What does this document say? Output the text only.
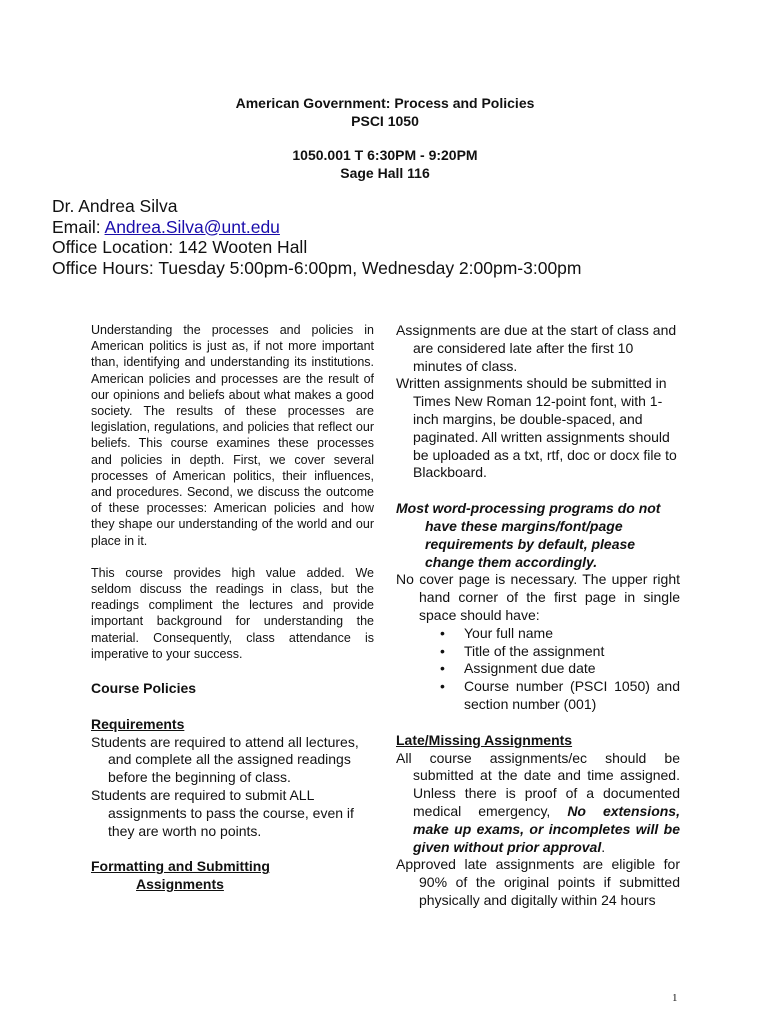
American Government: Process and Policies
PSCI 1050
1050.001 T 6:30PM - 9:20PM
Sage Hall 116
Dr. Andrea Silva
Email: Andrea.Silva@unt.edu
Office Location: 142 Wooten Hall
Office Hours: Tuesday 5:00pm-6:00pm, Wednesday 2:00pm-3:00pm

Understanding the processes and policies in American politics is just as, if not more important than, identifying and understanding its institutions. American policies and processes are the result of our opinions and beliefs about what makes a good society. The results of these processes are legislation, regulations, and policies that reflect our beliefs. This course examines these processes and policies in depth. First, we cover several processes of American politics, their influences, and procedures. Second, we discuss the outcome of these processes: American policies and how they shape our understanding of the world and our place in it.

This course provides high value added. We seldom discuss the readings in class, but the readings compliment the lectures and provide important background for understanding the material. Consequently, class attendance is imperative to your success.

Course Policies

Requirements

Students are required to attend all lectures, and complete all the assigned readings before the beginning of class.

Students are required to submit ALL assignments to pass the course, even if they are worth no points.

Formatting and Submitting
Assignments

Assignments are due at the start of class and are considered late after the first 10 minutes of class.

Written assignments should be submitted in Times New Roman 12-point font, with 1-inch margins, be double-spaced, and paginated. All written assignments should be uploaded as a txt, rtf, doc or docx file to Blackboard.

Most word-processing programs do not have these margins/font/page requirements by default, please change them accordingly.

No cover page is necessary. The upper right hand corner of the first page in single space should have:

• Your full name
• Title of the assignment
• Assignment due date
• Course number (PSCI 1050) and section number (001)

Late/Missing Assignments

All course assignments/ec should be submitted at the date and time assigned. Unless there is proof of a documented medical emergency, No extensions, make up exams, or incompletes will be given without prior approval.

Approved late assignments are eligible for 90% of the original points if submitted physically and digitally within 24 hours

1
